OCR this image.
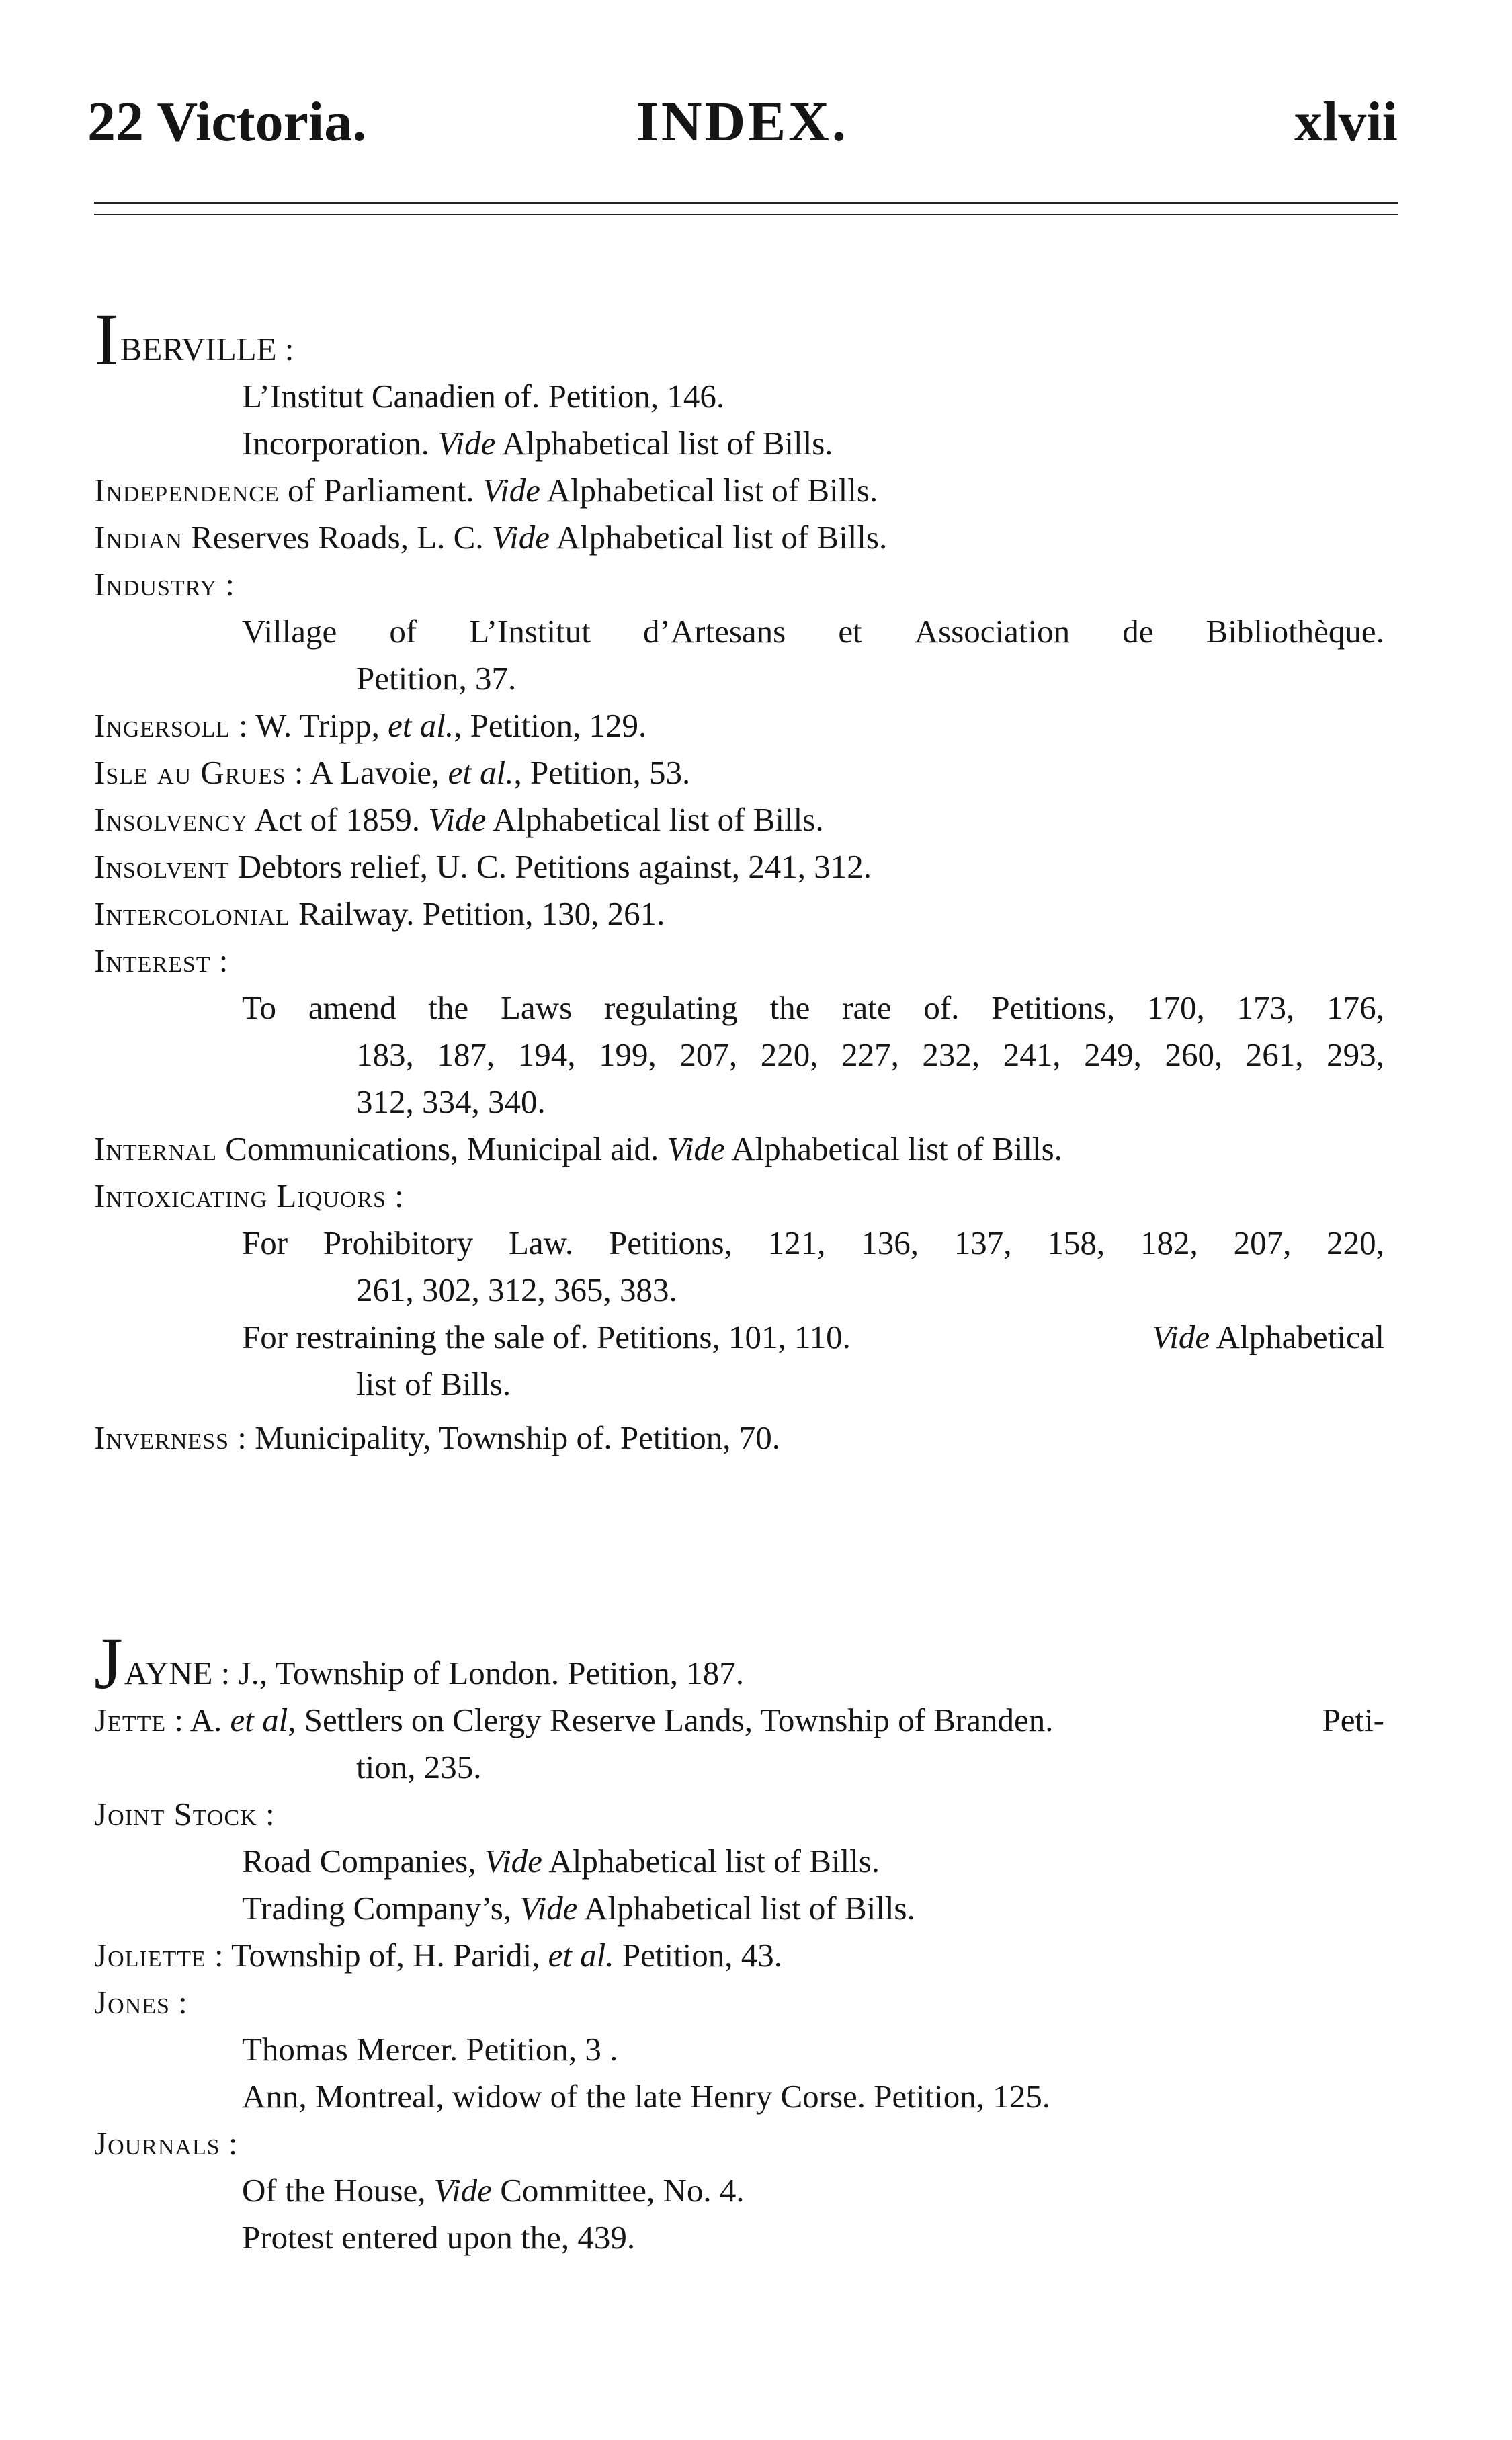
22 Victoria.	INDEX.	xlvii
IBERVILLE :
L’Institut Canadien of. Petition, 146.
Incorporation. Vide Alphabetical list of Bills.
Independence of Parliament. Vide Alphabetical list of Bills.
Indian Reserves Roads, L. C. Vide Alphabetical list of Bills.
Industry :
Village of L’Institut d’Artesans et Association de Bibliothèque.
Petition, 37.
Ingersoll : W. Tripp, et al., Petition, 129.
Isle au Grues : A Lavoie, et al., Petition, 53.
Insolvency Act of 1859. Vide Alphabetical list of Bills.
Insolvent Debtors relief, U. C. Petitions against, 241, 312.
Intercolonial Railway. Petition, 130, 261.
Interest :
To amend the Laws regulating the rate of. Petitions, 170, 173, 176,
183, 187, 194, 199, 207, 220, 227, 232, 241, 249, 260, 261, 293,
312, 334, 340.
Internal Communications, Municipal aid. Vide Alphabetical list of Bills.
Intoxicating Liquors :
For Prohibitory Law. Petitions, 121, 136, 137, 158, 182, 207, 220,
261, 302, 312, 365, 383.
For restraining the sale of. Petitions, 101, 110.	Vide Alphabetical
list of Bills.
Inverness : Municipality, Township of. Petition, 70.
JAYNE : J., Township of London. Petition, 187.
Jette : A. et al, Settlers on Clergy Reserve Lands, Township of Branden.	Peti-
tion, 235.
Joint Stock :
Road Companies, Vide Alphabetical list of Bills.
Trading Company’s, Vide Alphabetical list of Bills.
Joliette : Township of, H. Paridi, et al. Petition, 43.
Jones :
Thomas Mercer. Petition, 3 .
Ann, Montreal, widow of the late Henry Corse. Petition, 125.
Journals :
Of the House, Vide Committee, No. 4.
Protest entered upon the, 439.
